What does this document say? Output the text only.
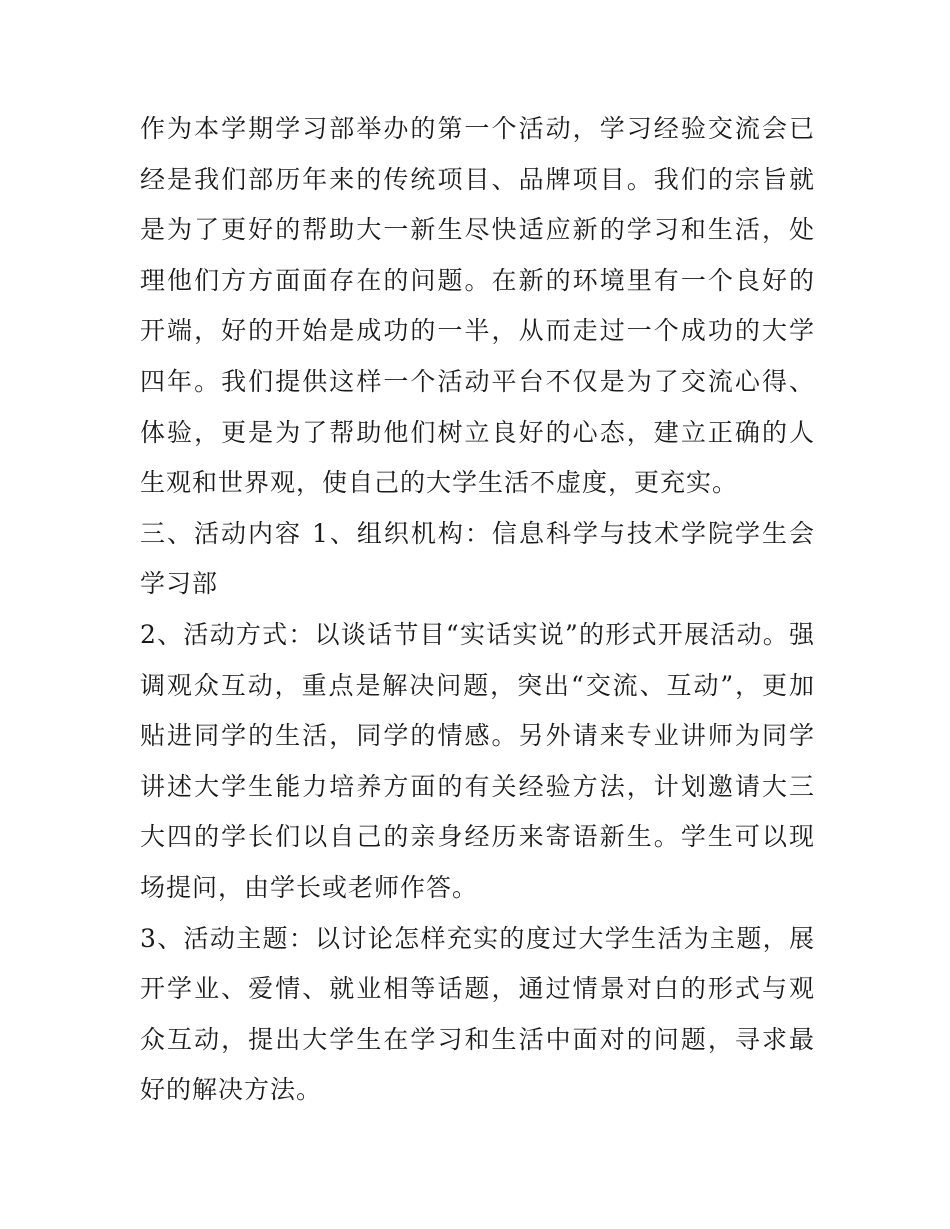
作为本学期学习部举办的第一个活动，学习经验交流会已经是我们部历年来的传统项目、品牌项目。我们的宗旨就是为了更好的帮助大一新生尽快适应新的学习和生活，处理他们方方面面存在的问题。在新的环境里有一个良好的开端，好的开始是成功的一半，从而走过一个成功的大学四年。我们提供这样一个活动平台不仅是为了交流心得、体验，更是为了帮助他们树立良好的心态，建立正确的人生观和世界观，使自己的大学生活不虚度，更充实。

三、活动内容 1、组织机构：信息科学与技术学院学生会学习部

2、活动方式：以谈话节目“实话实说”的形式开展活动。强调观众互动，重点是解决问题，突出“交流、互动”，更加贴进同学的生活，同学的情感。另外请来专业讲师为同学讲述大学生能力培养方面的有关经验方法，计划邀请大三大四的学长们以自己的亲身经历来寄语新生。学生可以现场提问，由学长或老师作答。

3、活动主题：以讨论怎样充实的度过大学生活为主题，展开学业、爱情、就业相等话题，通过情景对白的形式与观众互动，提出大学生在学习和生活中面对的问题，寻求最好的解决方法。
